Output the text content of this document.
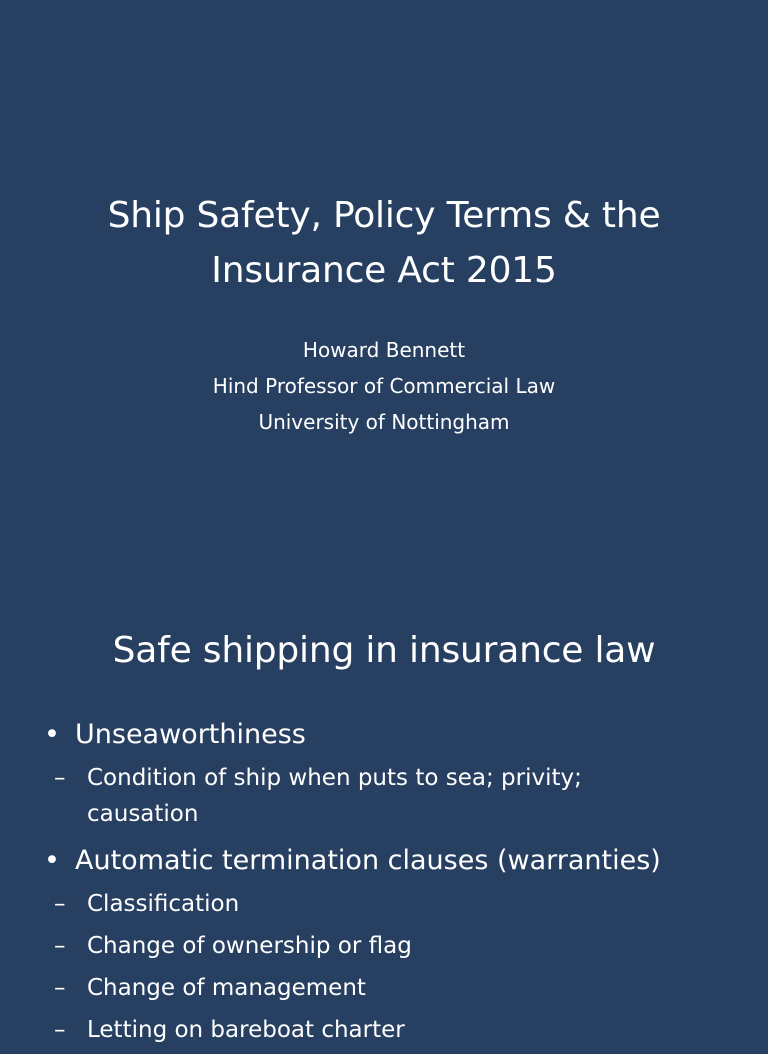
Ship Safety, Policy Terms & the
Insurance Act 2015
Howard Bennett
Hind Professor of Commercial Law
University of Nottingham
Safe shipping in insurance law
• Unseaworthiness
– Condition of ship when puts to sea; privity;
causation
• Automatic termination clauses (warranties)
– Classification
– Change of ownership or flag
– Change of management
– Letting on bareboat charter
